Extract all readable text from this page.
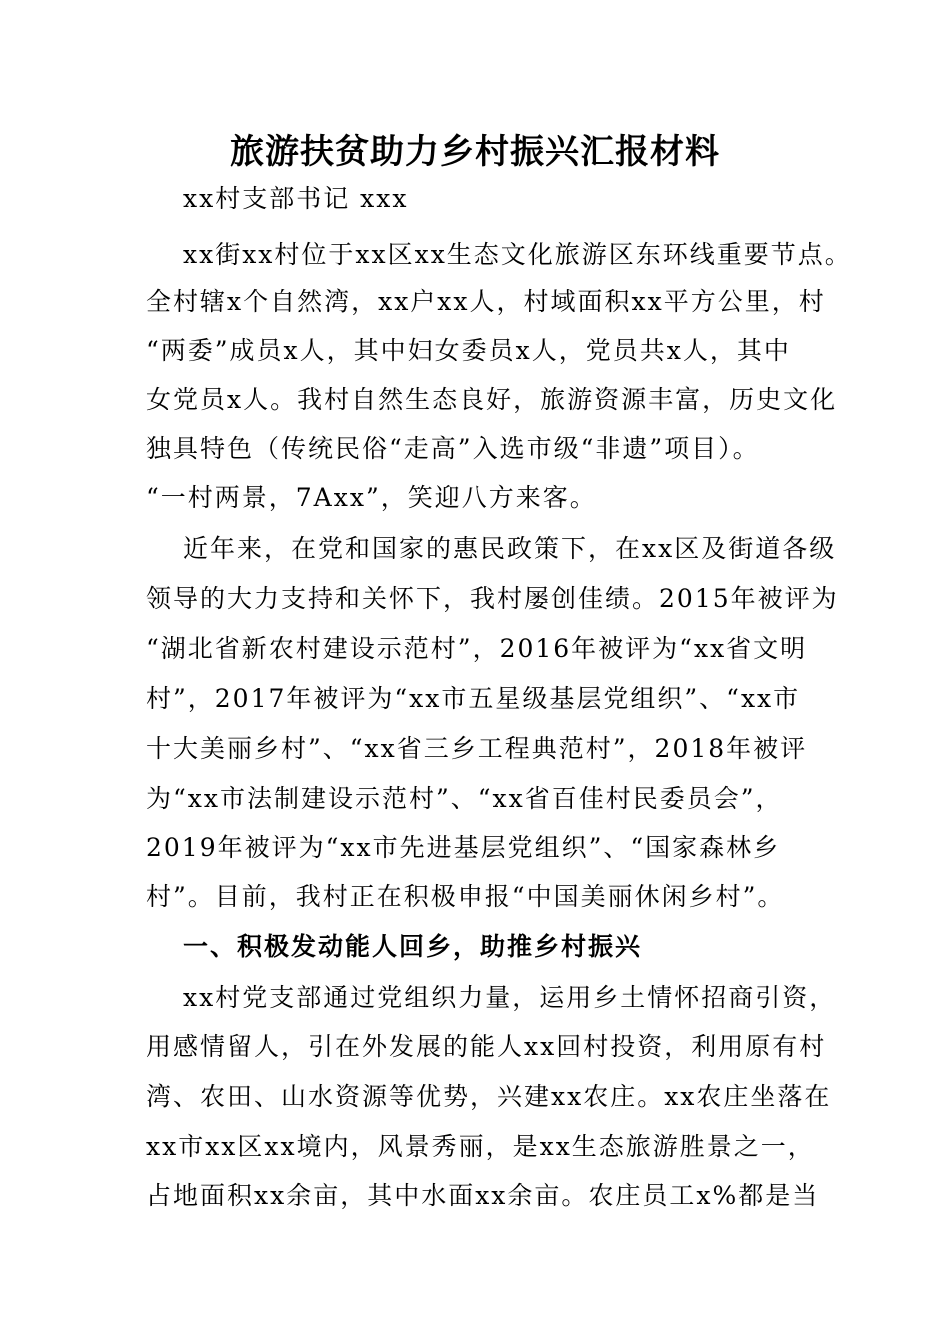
旅游扶贫助力乡村振兴汇报材料

xx村支部书记 xxx

xx街xx村位于xx区xx生态文化旅游区东环线重要节点。

全村辖x个自然湾，xx户xx人，村域面积xx平方公里，村

“两委”成员x人，其中妇女委员x人，党员共x人，其中

女党员x人。我村自然生态良好，旅游资源丰富，历史文化

独具特色（传统民俗“走高”入选市级“非遗”项目）。

“一村两景，7Axx”，笑迎八方来客。

近年来，在党和国家的惠民政策下，在xx区及街道各级

领导的大力支持和关怀下，我村屡创佳绩。2015年被评为

“湖北省新农村建设示范村”，2016年被评为“xx省文明

村”，2017年被评为“xx市五星级基层党组织”、“xx市

十大美丽乡村”、“xx省三乡工程典范村”，2018年被评

为“xx市法制建设示范村”、“xx省百佳村民委员会”，

2019年被评为“xx市先进基层党组织”、“国家森林乡

村”。目前，我村正在积极申报“中国美丽休闲乡村”。

一、积极发动能人回乡，助推乡村振兴

xx村党支部通过党组织力量，运用乡土情怀招商引资，

用感情留人，引在外发展的能人xx回村投资，利用原有村

湾、农田、山水资源等优势，兴建xx农庄。xx农庄坐落在

xx市xx区xx境内，风景秀丽，是xx生态旅游胜景之一，

占地面积xx余亩，其中水面xx余亩。农庄员工x%都是当
